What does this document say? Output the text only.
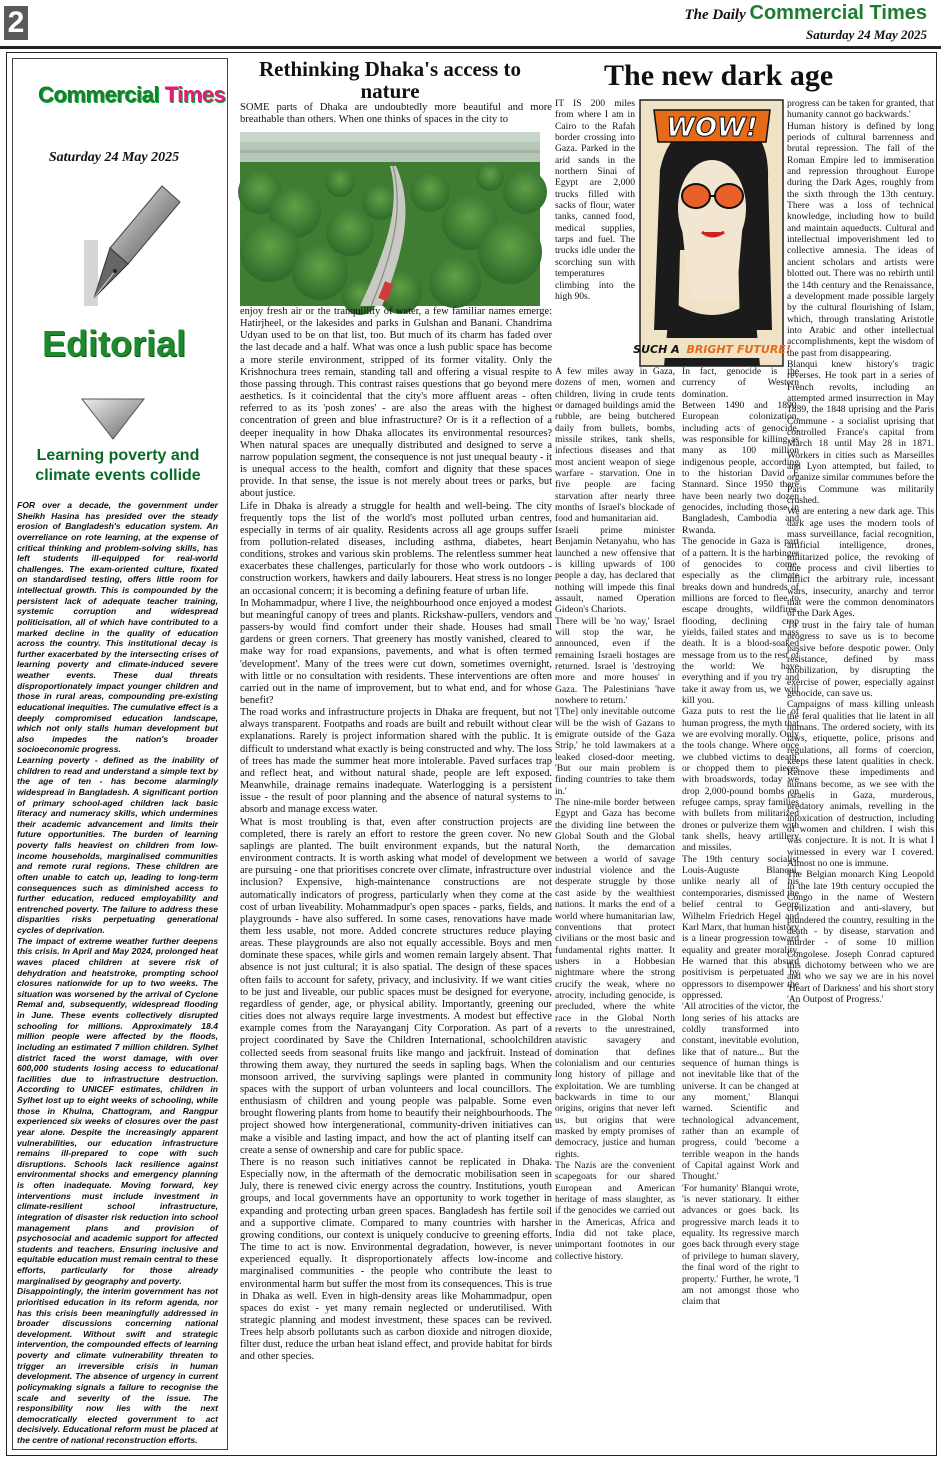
2	The Daily Commercial Times
Saturday 24 May 2025
Commercial Times
Saturday 24 May 2025
Editorial
Learning poverty and climate events collide

FOR over a decade, the government under Sheikh Hasina has presided over the steady erosion of Bangladesh's education system. An overreliance on rote learning, at the expense of critical thinking and problem-solving skills, has left students ill-equipped for real-world challenges. The exam-oriented culture, fixated on standardised testing, offers little room for intellectual growth. This is compounded by the persistent lack of adequate teacher training, systemic corruption and widespread politicisation, all of which have contributed to a marked decline in the quality of education across the country. This institutional decay is further exacerbated by the intersecting crises of learning poverty and climate-induced severe weather events. These dual threats disproportionately impact younger children and those in rural areas, compounding pre-existing educational inequities. The cumulative effect is a deeply compromised education landscape, which not only stalls human development but also impedes the nation's broader socioeconomic progress.

Learning poverty - defined as the inability of children to read and understand a simple text by the age of ten - has become alarmingly widespread in Bangladesh. A significant portion of primary school-aged children lack basic literacy and numeracy skills, which undermines their academic advancement and limits their future opportunities. The burden of learning poverty falls heaviest on children from low-income households, marginalised communities and remote rural regions. These children are often unable to catch up, leading to long-term consequences such as diminished access to further education, reduced employability and entrenched poverty. The failure to address these disparities risks perpetuating generational cycles of deprivation.

The impact of extreme weather further deepens this crisis. In April and May 2024, prolonged heat waves placed children at severe risk of dehydration and heatstroke, prompting school closures nationwide for up to two weeks. The situation was worsened by the arrival of Cyclone Remal and, subsequently, widespread flooding in June. These events collectively disrupted schooling for millions. Approximately 18.4 million people were affected by the floods, including an estimated 7 million children. Sylhet district faced the worst damage, with over 600,000 students losing access to educational facilities due to infrastructure destruction. According to UNICEF estimates, children in Sylhet lost up to eight weeks of schooling, while those in Khulna, Chattogram, and Rangpur experienced six weeks of closures over the past year alone. Despite the increasingly apparent vulnerabilities, our education infrastructure remains ill-prepared to cope with such disruptions. Schools lack resilience against environmental shocks and emergency planning is often inadequate. Moving forward, key interventions must include investment in climate-resilient school infrastructure, integration of disaster risk reduction into school management plans and provision of psychosocial and academic support for affected students and teachers. Ensuring inclusive and equitable education must remain central to these efforts, particularly for those already marginalised by geography and poverty.

Disappointingly, the interim government has not prioritised education in its reform agenda, nor has this crisis been meaningfully addressed in broader discussions concerning national development. Without swift and strategic intervention, the compounded effects of learning poverty and climate vulnerability threaten to trigger an irreversible crisis in human development. The absence of urgency in current policymaking signals a failure to recognise the scale and severity of the issue. The responsibility now lies with the next democratically elected government to act decisively. Educational reform must be placed at the centre of national reconstruction efforts.

Rethinking Dhaka's access to nature

SOME parts of Dhaka are undoubtedly more beautiful and more breathable than others. When one thinks of spaces in the city to

enjoy fresh air or the tranquillity of water, a few familiar names emerge: Hatirjheel, or the lakesides and parks in Gulshan and Banani. Chandrima Udyan used to be on that list, too. But much of its charm has faded over the last decade and a half. What was once a lush public space has become a more sterile environment, stripped of its former vitality. Only the Krishnochura trees remain, standing tall and offering a visual respite to those passing through. This contrast raises questions that go beyond mere aesthetics. Is it coincidental that the city's more affluent areas - often referred to as its 'posh zones' - are also the areas with the highest concentration of green and blue infrastructure? Or is it a reflection of a deeper inequality in how Dhaka allocates its environmental resources? When natural spaces are unequally distributed and designed to serve a narrow population segment, the consequence is not just unequal beauty - it is unequal access to the health, comfort and dignity that these spaces provide. In that sense, the issue is not merely about trees or parks, but about justice.

Life in Dhaka is already a struggle for health and well-being. The city frequently tops the list of the world's most polluted urban centres, especially in terms of air quality. Residents across all age groups suffer from pollution-related diseases, including asthma, diabetes, heart conditions, strokes and various skin problems. The relentless summer heat exacerbates these challenges, particularly for those who work outdoors - construction workers, hawkers and daily labourers. Heat stress is no longer an occasional concern; it is becoming a defining feature of urban life.

In Mohammadpur, where I live, the neighbourhood once enjoyed a modest but meaningful canopy of trees and plants. Rickshaw-pullers, vendors and passers-by would find comfort under their shade. Houses had small gardens or green corners. That greenery has mostly vanished, cleared to make way for road expansions, pavements, and what is often termed 'development'. Many of the trees were cut down, sometimes overnight, with little or no consultation with residents. These interventions are often carried out in the name of improvement, but to what end, and for whose benefit?

The road works and infrastructure projects in Dhaka are frequent, but not always transparent. Footpaths and roads are built and rebuilt without clear explanations. Rarely is project information shared with the public. It is difficult to understand what exactly is being constructed and why. The loss of trees has made the summer heat more intolerable. Paved surfaces trap and reflect heat, and without natural shade, people are left exposed. Meanwhile, drainage remains inadequate. Waterlogging is a persistent issue - the result of poor planning and the absence of natural systems to absorb and manage excess water.

What is most troubling is that, even after construction projects are completed, there is rarely an effort to restore the green cover. No new saplings are planted. The built environment expands, but the natural environment contracts. It is worth asking what model of development we are pursuing - one that prioritises concrete over climate, infrastructure over inclusion? Expensive, high-maintenance constructions are not automatically indicators of progress, particularly when they come at the cost of urban liveability. Mohammadpur's open spaces - parks, fields, and playgrounds - have also suffered. In some cases, renovations have made them less usable, not more. Added concrete structures reduce playing areas. These playgrounds are also not equally accessible. Boys and men dominate these spaces, while girls and women remain largely absent. That absence is not just cultural; it is also spatial. The design of these spaces often fails to account for safety, privacy, and inclusivity. If we want cities to be just and liveable, our public spaces must be designed for everyone, regardless of gender, age, or physical ability. Importantly, greening our cities does not always require large investments. A modest but effective example comes from the Narayanganj City Corporation. As part of a project coordinated by Save the Children International, schoolchildren collected seeds from seasonal fruits like mango and jackfruit. Instead of throwing them away, they nurtured the seeds in sapling bags. When the monsoon arrived, the surviving saplings were planted in community spaces with the support of urban volunteers and local councillors. The enthusiasm of children and young people was palpable. Some even brought flowering plants from home to beautify their neighbourhoods. The project showed how intergenerational, community-driven initiatives can make a visible and lasting impact, and how the act of planting itself can create a sense of ownership and care for public space.

There is no reason such initiatives cannot be replicated in Dhaka. Especially now, in the aftermath of the democratic mobilisation seen in July, there is renewed civic energy across the country. Institutions, youth groups, and local governments have an opportunity to work together in expanding and protecting urban green spaces. Bangladesh has fertile soil and a supportive climate. Compared to many countries with harsher growing conditions, our context is uniquely conducive to greening efforts. The time to act is now. Environmental degradation, however, is never experienced equally. It disproportionately affects low-income and marginalised communities - the people who contribute the least to environmental harm but suffer the most from its consequences. This is true in Dhaka as well. Even in high-density areas like Mohammadpur, open spaces do exist - yet many remain neglected or underutilised. With strategic planning and modest investment, these spaces can be revived. Trees help absorb pollutants such as carbon dioxide and nitrogen dioxide, filter dust, reduce the urban heat island effect, and provide habitat for birds and other species.

The new dark age

IT IS 200 miles from where I am in Cairo to the Rafah border crossing into Gaza. Parked in the arid sands in the northern Sinai of Egypt are 2,000 trucks filled with sacks of flour, water tanks, canned food, medical supplies, tarps and fuel. The trucks idle under the scorching sun with temperatures climbing into the high 90s.

WOW!
SUCH A BRIGHT FUTURE!

A few miles away in Gaza, dozens of men, women and children, living in crude tents or damaged buildings amid the rubble, are being butchered daily from bullets, bombs, missile strikes, tank shells, infectious diseases and that most ancient weapon of siege warfare - starvation. One in five people are facing starvation after nearly three months of Israel's blockade of food and humanitarian aid.

Israeli prime minister Benjamin Netanyahu, who has launched a new offensive that is killing upwards of 100 people a day, has declared that nothing will impede this final assault, named Operation Gideon's Chariots.

There will be 'no way,' Israel will stop the war, he announced, even if the remaining Israeli hostages are returned. Israel is 'destroying more and more houses' in Gaza. The Palestinians 'have nowhere to return.'

'[The] only inevitable outcome will be the wish of Gazans to emigrate outside of the Gaza Strip,' he told lawmakers at a leaked closed-door meeting. 'But our main problem is finding countries to take them in.'

The nine-mile border between Egypt and Gaza has become the dividing line between the Global South and the Global North, the demarcation between a world of savage industrial violence and the desperate struggle by those cast aside by the wealthiest nations. It marks the end of a world where humanitarian law, conventions that protect civilians or the most basic and fundamental rights matter. It ushers in a Hobbesian nightmare where the strong crucify the weak, where no atrocity, including genocide, is precluded, where the white race in the Global North reverts to the unrestrained, atavistic savagery and domination that defines colonialism and our centuries long history of pillage and exploitation. We are tumbling backwards in time to our origins, origins that never left us, but origins that were masked by empty promises of democracy, justice and human rights.

The Nazis are the convenient scapegoats for our shared European and American heritage of mass slaughter, as if the genocides we carried out in the Americas, Africa and India did not take place, unimportant footnotes in our collective history.

In fact, genocide is the currency of Western domination.

Between 1490 and 1890, European colonization, including acts of genocide, was responsible for killing as many as 100 million indigenous people, according to the historian David E Stannard. Since 1950 there have been nearly two dozen genocides, including those in Bangladesh, Cambodia and Rwanda.

The genocide in Gaza is part of a pattern. It is the harbinger of genocides to come, especially as the climate breaks down and hundreds of millions are forced to flee to escape droughts, wildfires, flooding, declining crop yields, failed states and mass death. It is a blood-soaked message from us to the rest of the world: We have everything and if you try and take it away from us, we will kill you.

Gaza puts to rest the lie of human progress, the myth that we are evolving morally. Only the tools change. Where once we clubbed victims to death, or chopped them to pieces with broadswords, today we drop 2,000-pound bombs on refugee camps, spray families with bullets from militarized drones or pulverize them with tank shells, heavy artillery and missiles.

The 19th century socialist Louis-Auguste Blanqui, unlike nearly all of his contemporaries, dismissed the belief central to Georg Wilhelm Friedrich Hegel and Karl Marx, that human history is a linear progression toward equality and greater morality. He warned that this absurd positivism is perpetuated by oppressors to disempower the oppressed.

'All atrocities of the victor, the long series of his attacks are coldly transformed into constant, inevitable evolution, like that of nature... But the sequence of human things is not inevitable like that of the universe. It can be changed at any moment,' Blanqui warned. Scientific and technological advancement, rather than an example of progress, could 'become a terrible weapon in the hands of Capital against Work and Thought.'

'For humanity' Blanqui wrote, 'is never stationary. It either advances or goes back. Its progressive march leads it to equality. Its regressive march goes back through every stage of privilege to human slavery, the final word of the right to property.' Further, he wrote, 'I am not amongst those who claim that

progress can be taken for granted, that humanity cannot go backwards.'

Human history is defined by long periods of cultural barrenness and brutal repression. The fall of the Roman Empire led to immiseration and repression throughout Europe during the Dark Ages, roughly from the sixth through the 13th century. There was a loss of technical knowledge, including how to build and maintain aqueducts. Cultural and intellectual impoverishment led to collective amnesia. The ideas of ancient scholars and artists were blotted out. There was no rebirth until the 14th century and the Renaissance, a development made possible largely by the cultural flourishing of Islam, which, through translating Aristotle into Arabic and other intellectual accomplishments, kept the wisdom of the past from disappearing.

Blanqui knew history's tragic reverses. He took part in a series of French revolts, including an attempted armed insurrection in May 1839, the 1848 uprising and the Paris Commune - a socialist uprising that controlled France's capital from March 18 until May 28 in 1871. Workers in cities such as Marseilles and Lyon attempted, but failed, to organize similar communes before the Paris Commune was militarily crushed.

We are entering a new dark age. This dark age uses the modern tools of mass surveillance, facial recognition, artificial intelligence, drones, militarized police, the revoking of due process and civil liberties to inflict the arbitrary rule, incessant wars, insecurity, anarchy and terror that were the common denominators of the Dark Ages.

To trust in the fairy tale of human progress to save us is to become passive before despotic power. Only resistance, defined by mass mobilization, by disrupting the exercise of power, especially against genocide, can save us.

Campaigns of mass killing unleash the feral qualities that lie latent in all humans. The ordered society, with its laws, etiquette, police, prisons and regulations, all forms of coercion, keeps these latent qualities in check. Remove these impediments and humans become, as we see with the Israelis in Gaza, murderous, predatory animals, revelling in the intoxication of destruction, including of women and children. I wish this was conjecture. It is not. It is what I witnessed in every war I covered. Almost no one is immune.

The Belgian monarch King Leopold in the late 19th century occupied the Congo in the name of Western civilization and anti-slavery, but plundered the country, resulting in the death - by disease, starvation and murder - of some 10 million Congolese. Joseph Conrad captured this dichotomy between who we are and who we say we are in his novel 'Heart of Darkness' and his short story 'An Outpost of Progress.'
